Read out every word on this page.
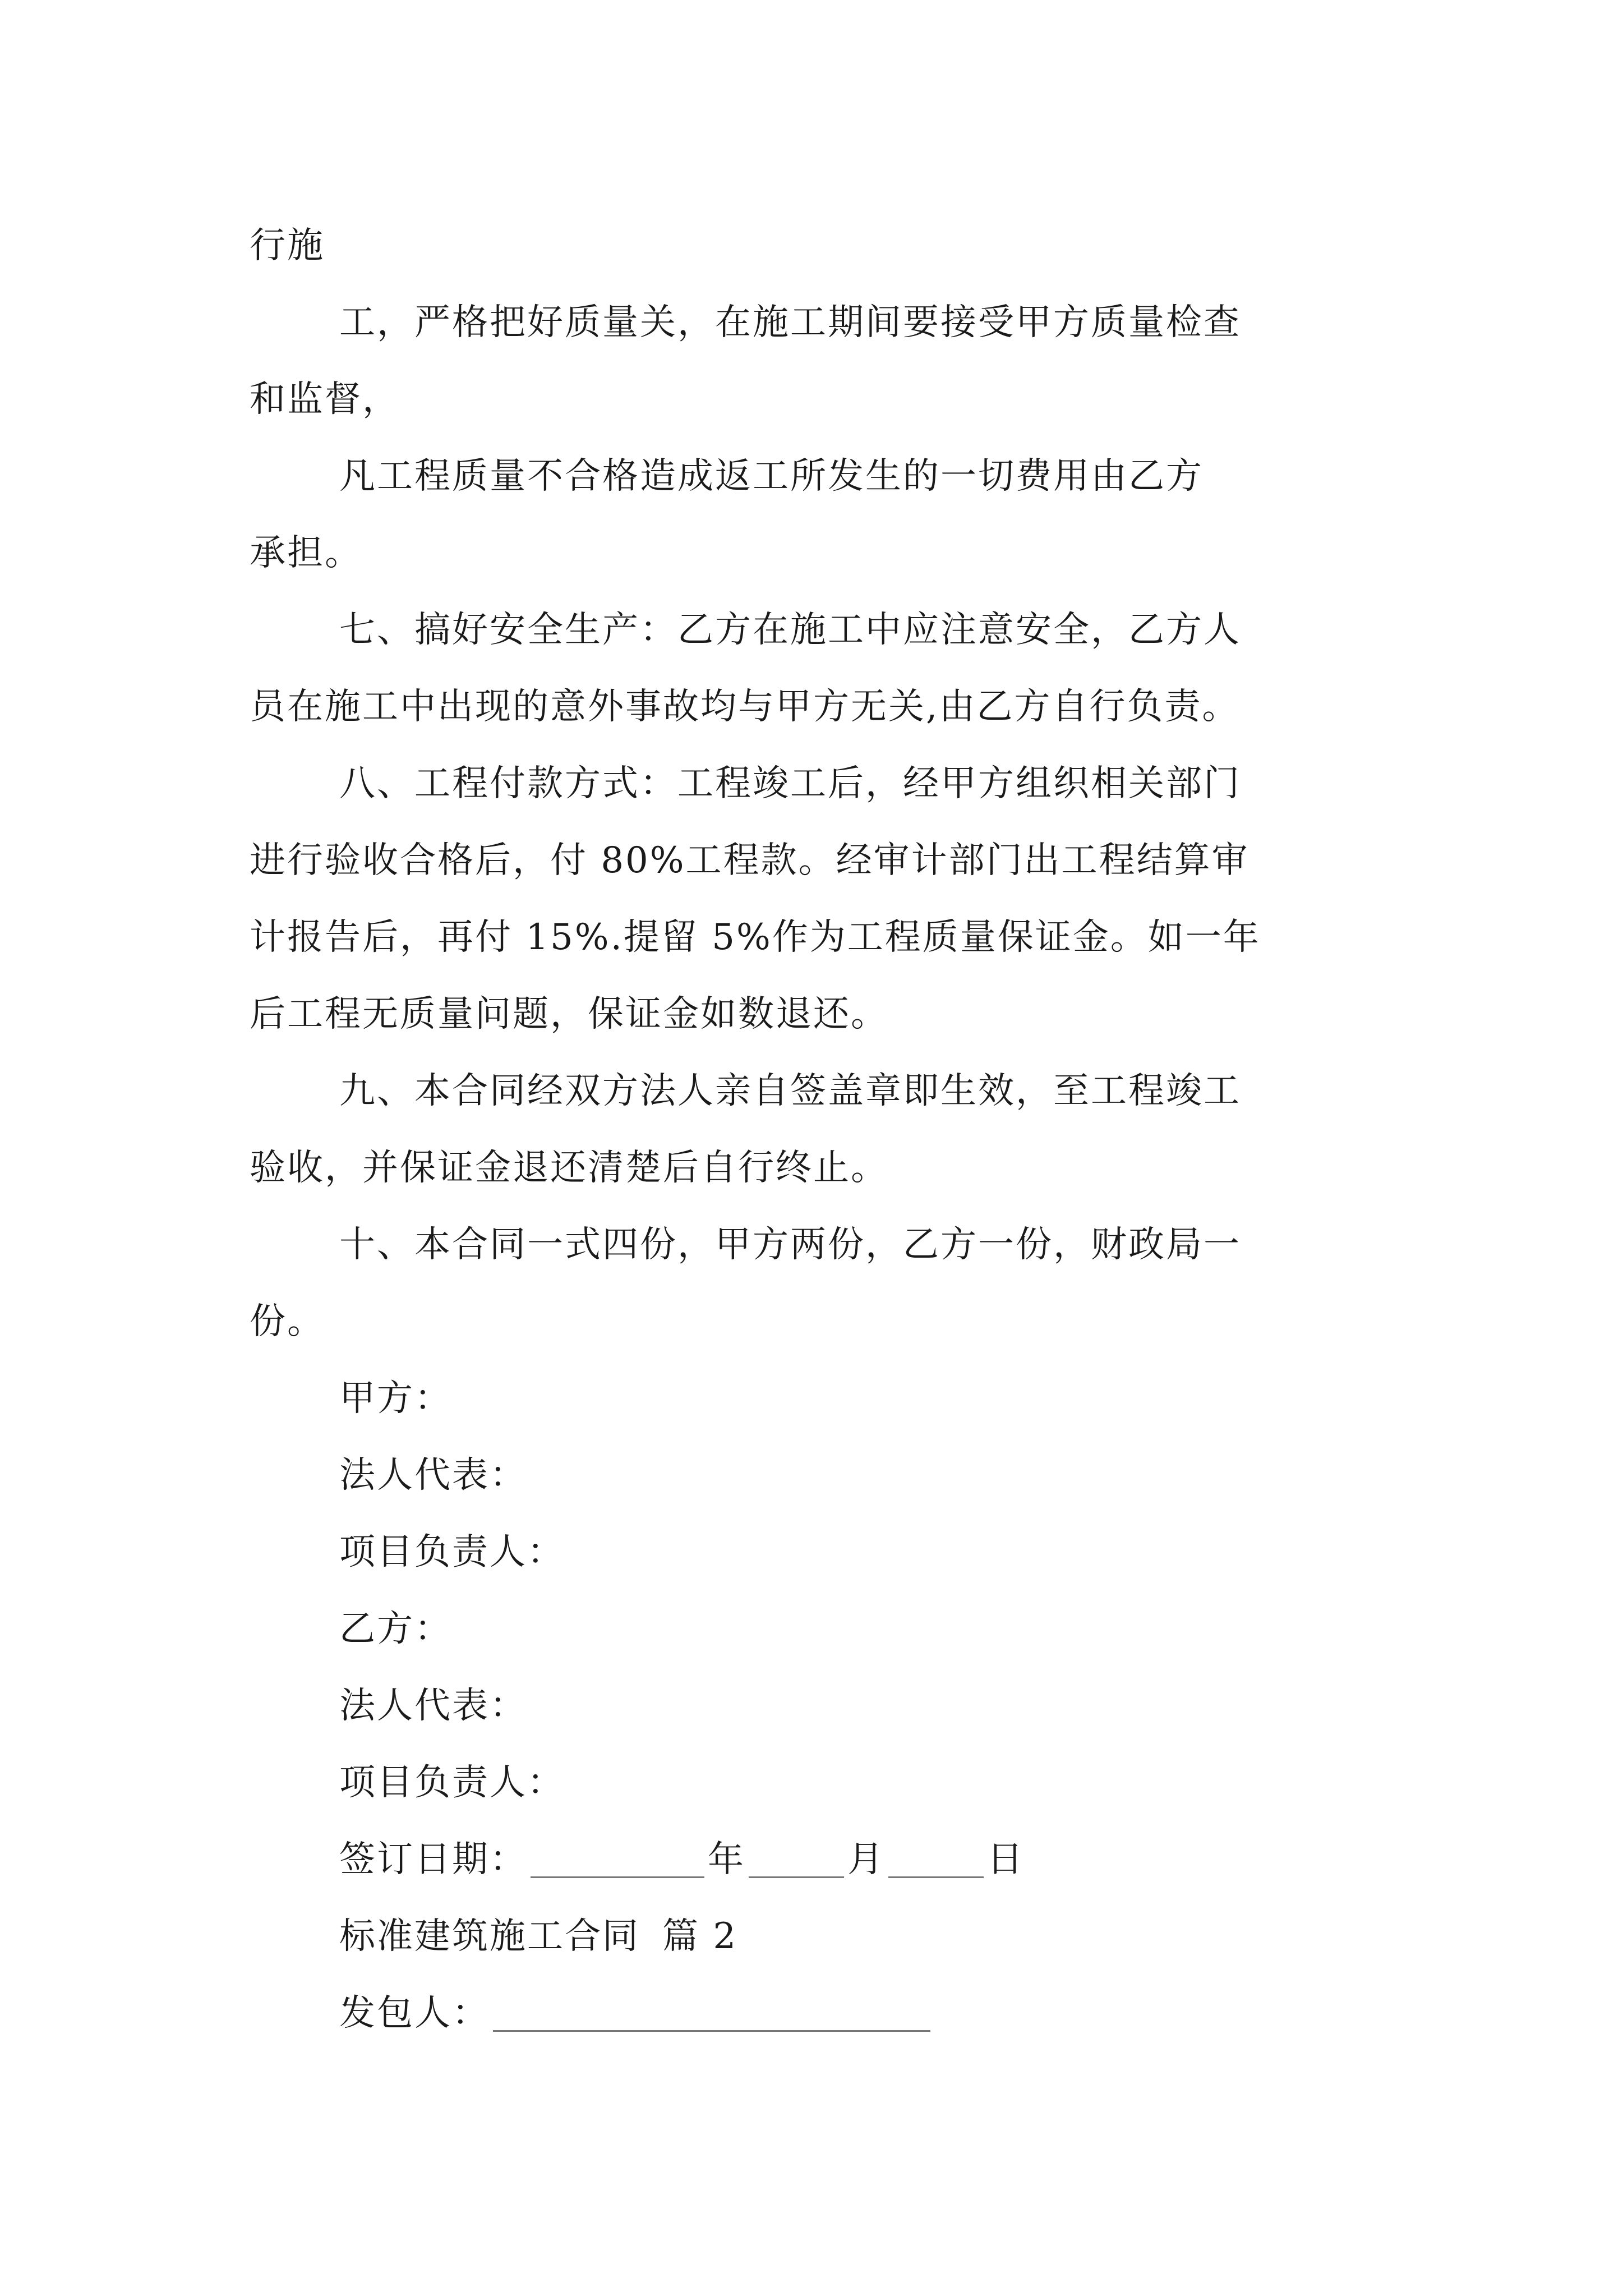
行施
工，严格把好质量关，在施工期间要接受甲方质量检查
和监督，
凡工程质量不合格造成返工所发生的一切费用由乙方
承担。
七、搞好安全生产：乙方在施工中应注意安全，乙方人
员在施工中出现的意外事故均与甲方无关,由乙方自行负责。
八、工程付款方式：工程竣工后，经甲方组织相关部门
进行验收合格后，付 80%工程款。经审计部门出工程结算审
计报告后，再付 15%.提留 5%作为工程质量保证金。如一年
后工程无质量问题，保证金如数退还。
九、本合同经双方法人亲自签盖章即生效，至工程竣工
验收，并保证金退还清楚后自行终止。
十、本合同一式四份，甲方两份，乙方一份，财政局一
份。
甲方：
法人代表：
项目负责人：
乙方：
法人代表：
项目负责人：
签订日期：	年	月	日
标准建筑施工合同 篇 2
发包人：
